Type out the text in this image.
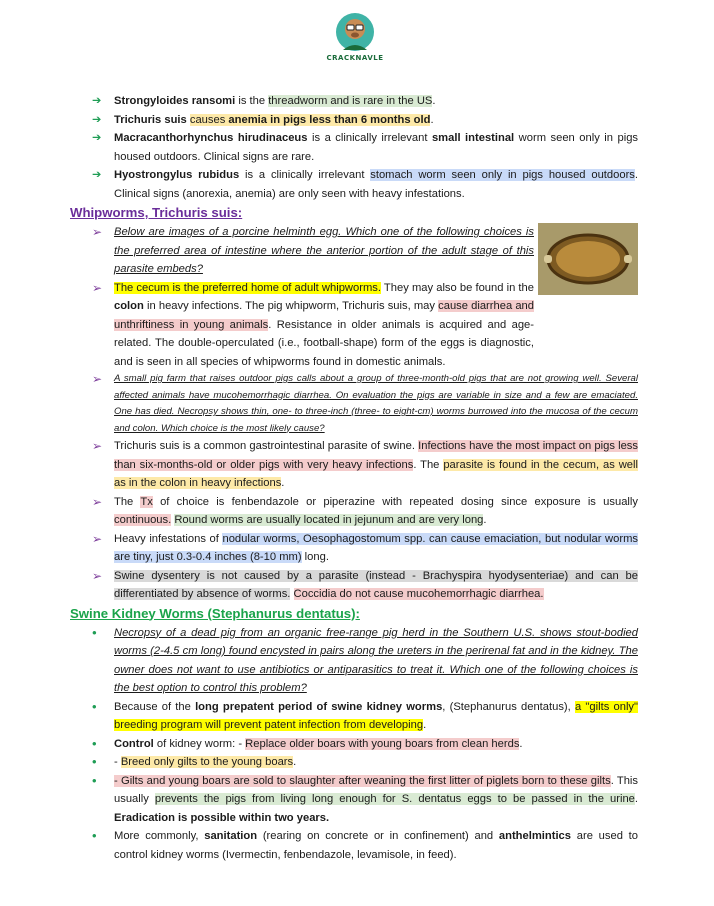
CRACKNAVLE
➔	Strongyloides ransomi is the threadworm and is rare in the US.
➔	Trichuris suis causes anemia in pigs less than 6 months old.
➔	Macracanthorhynchus hirudinaceus is a clinically irrelevant small intestinal worm seen only in pigs housed outdoors. Clinical signs are rare.
➔	Hyostrongylus rubidus is a clinically irrelevant stomach worm seen only in pigs housed outdoors. Clinical signs (anorexia, anemia) are only seen with heavy infestations.
Whipworms, Trichuris suis:
➢	Below are images of a porcine helminth egg. Which one of the following choices is the preferred area of intestine where the anterior portion of the adult stage of this parasite embeds?
➢	The cecum is the preferred home of adult whipworms. They may also be found in the colon in heavy infections. The pig whipworm, Trichuris suis, may cause diarrhea and unthriftiness in young animals. Resistance in older animals is acquired and age-related. The double-operculated (i.e., football-shape) form of the eggs is diagnostic, and is seen in all species of whipworms found in domestic animals.
➢	A small pig farm that raises outdoor pigs calls about a group of three-month-old pigs that are not growing well. Several affected animals have mucohemorrhagic diarrhea. On evaluation the pigs are variable in size and a few are emaciated. One has died. Necropsy shows thin, one- to three-inch (three- to eight-cm) worms burrowed into the mucosa of the cecum and colon. Which choice is the most likely cause?
➢	Trichuris suis is a common gastrointestinal parasite of swine. Infections have the most impact on pigs less than six-months-old or older pigs with very heavy infections. The parasite is found in the cecum, as well as in the colon in heavy infections.
➢	The Tx of choice is fenbendazole or piperazine with repeated dosing since exposure is usually continuous. Round worms are usually located in jejunum and are very long.
➢	Heavy infestations of nodular worms, Oesophagostomum spp. can cause emaciation, but nodular worms are tiny, just 0.3-0.4 inches (8-10 mm) long.
➢	Swine dysentery is not caused by a parasite (instead - Brachyspira hyodysenteriae) and can be differentiated by absence of worms. Coccidia do not cause mucohemorrhagic diarrhea.
Swine Kidney Worms (Stephanurus dentatus):
•	Necropsy of a dead pig from an organic free-range pig herd in the Southern U.S. shows stout-bodied worms (2-4.5 cm long) found encysted in pairs along the ureters in the perirenal fat and in the kidney. The owner does not want to use antibiotics or antiparasitics to treat it. Which one of the following choices is the best option to control this problem?
•	Because of the long prepatent period of swine kidney worms, (Stephanurus dentatus), a "gilts only" breeding program will prevent patent infection from developing.
•	Control of kidney worm: - Replace older boars with young boars from clean herds.
•	- Breed only gilts to the young boars.
•	- Gilts and young boars are sold to slaughter after weaning the first litter of piglets born to these gilts. This usually prevents the pigs from living long enough for S. dentatus eggs to be passed in the urine. Eradication is possible within two years.
•	More commonly, sanitation (rearing on concrete or in confinement) and anthelmintics are used to control kidney worms (Ivermectin, fenbendazole, levamisole, in feed).
